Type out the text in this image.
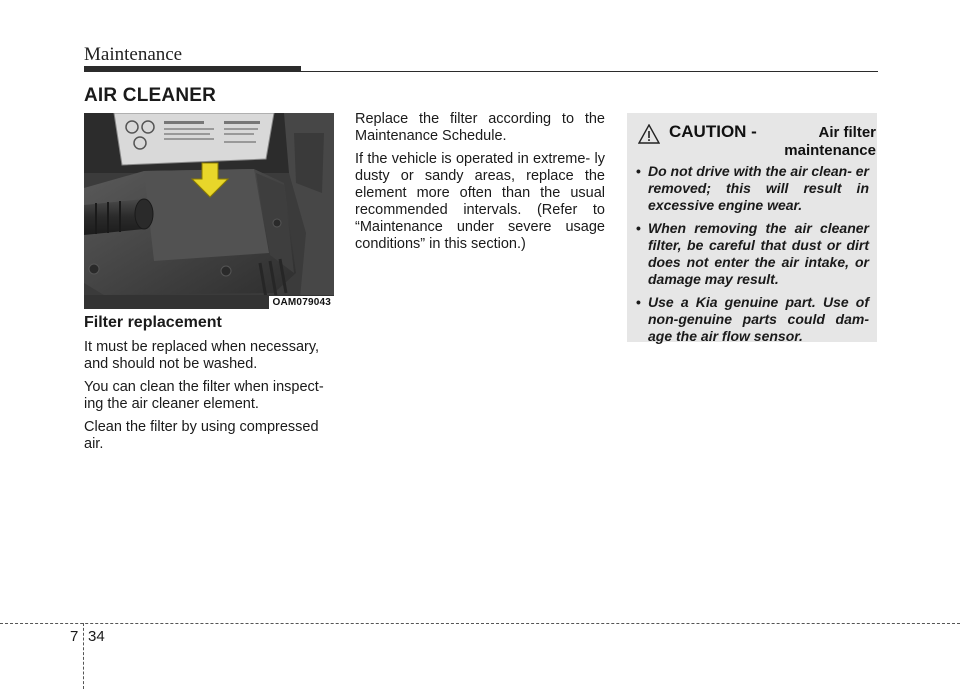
Maintenance
AIR CLEANER
OAM079043
Filter replacement

It must be replaced when necessary, and should not be washed.

You can clean the filter when inspect- ing the air cleaner element.

Clean the filter by using compressed air.

Replace the filter according to the Maintenance Schedule.

If the vehicle is operated in extreme- ly dusty or sandy areas, replace the element more often than the usual recommended intervals. (Refer to “Maintenance under severe usage conditions” in this section.)

CAUTION -	Air filter maintenance
• Do not drive with the air clean- er removed; this will result in excessive engine wear.
• When removing the air cleaner filter, be careful that dust or dirt does not enter the air intake, or damage may result.
• Use a Kia genuine part. Use of non-genuine parts could dam- age the air flow sensor.
7 34
